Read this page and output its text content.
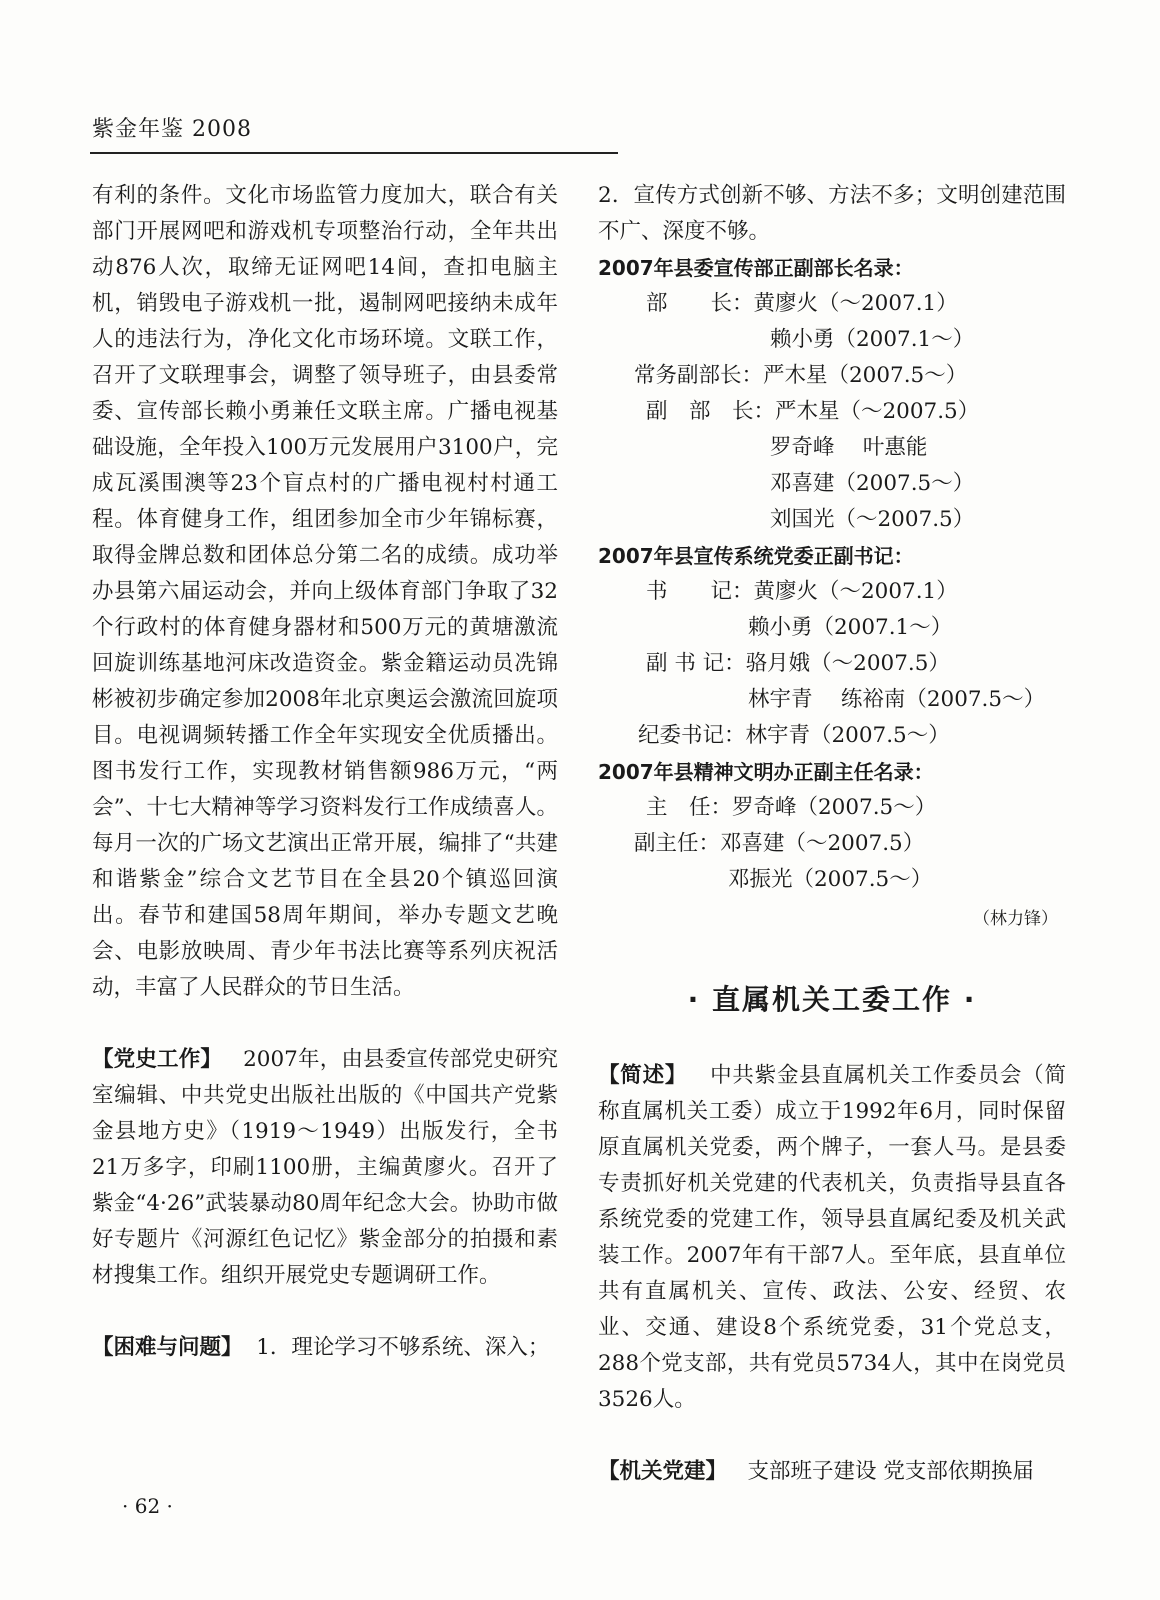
紫金年鉴 2008

有利的条件。文化市场监管力度加大，联合有关部门开展网吧和游戏机专项整治行动，全年共出动876人次，取缔无证网吧14间，查扣电脑主机，销毁电子游戏机一批，遏制网吧接纳未成年人的违法行为，净化文化市场环境。文联工作，召开了文联理事会，调整了领导班子，由县委常委、宣传部长赖小勇兼任文联主席。广播电视基础设施，全年投入100万元发展用户3100户，完成瓦溪围澳等23个盲点村的广播电视村村通工程。体育健身工作，组团参加全市少年锦标赛，取得金牌总数和团体总分第二名的成绩。成功举办县第六届运动会，并向上级体育部门争取了32个行政村的体育健身器材和500万元的黄塘激流回旋训练基地河床改造资金。紫金籍运动员冼锦彬被初步确定参加2008年北京奥运会激流回旋项目。电视调频转播工作全年实现安全优质播出。图书发行工作，实现教材销售额986万元，“两会”、十七大精神等学习资料发行工作成绩喜人。每月一次的广场文艺演出正常开展，编排了“共建和谐紫金”综合文艺节目在全县20个镇巡回演出。春节和建国58周年期间，举办专题文艺晚会、电影放映周、青少年书法比赛等系列庆祝活动，丰富了人民群众的节日生活。

【党史工作】 2007年，由县委宣传部党史研究室编辑、中共党史出版社出版的《中国共产党紫金县地方史》（1919～1949）出版发行，全书21万多字，印刷1100册，主编黄廖火。召开了紫金“4·26”武装暴动80周年纪念大会。协助市做好专题片《河源红色记忆》紫金部分的拍摄和素材搜集工作。组织开展党史专题调研工作。

【困难与问题】 1．理论学习不够系统、深入；

2．宣传方式创新不够、方法不多；文明创建范围不广、深度不够。

2007年县委宣传部正副部长名录：

部　　长：黄廖火（～2007.1）

赖小勇（2007.1～）

常务副部长：严木星（2007.5～）

副　部　长：严木星（～2007.5）

罗奇峰　 叶惠能

邓喜建（2007.5～）

刘国光（～2007.5）

2007年县宣传系统党委正副书记：

书　　记：黄廖火（～2007.1）

赖小勇（2007.1～）

副 书 记：骆月娥（～2007.5）

林宇青　 练裕南（2007.5～）

纪委书记：林宇青（2007.5～）

2007年县精神文明办正副主任名录：

主　任：罗奇峰（2007.5～）

副主任：邓喜建（～2007.5）

邓振光（2007.5～）

（林力锋）

· 直属机关工委工作 ·

【简述】 中共紫金县直属机关工作委员会（简称直属机关工委）成立于1992年6月，同时保留原直属机关党委，两个牌子，一套人马。是县委专责抓好机关党建的代表机关，负责指导县直各系统党委的党建工作，领导县直属纪委及机关武装工作。2007年有干部7人。至年底，县直单位共有直属机关、宣传、政法、公安、经贸、农业、交通、建设8个系统党委，31个党总支，288个党支部，共有党员5734人，其中在岗党员3526人。

【机关党建】 支部班子建设 党支部依期换届

· 62 ·
